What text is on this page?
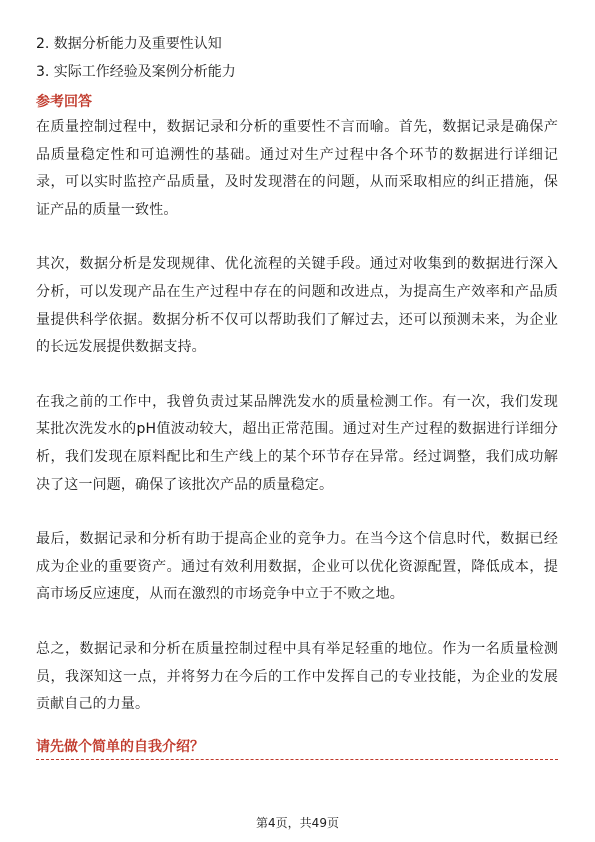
2. 数据分析能力及重要性认知

3. 实际工作经验及案例分析能力

参考回答

在质量控制过程中，数据记录和分析的重要性不言而喻。首先，数据记录是确保产品质量稳定性和可追溯性的基础。通过对生产过程中各个环节的数据进行详细记录，可以实时监控产品质量，及时发现潜在的问题，从而采取相应的纠正措施，保证产品的质量一致性。

其次，数据分析是发现规律、优化流程的关键手段。通过对收集到的数据进行深入分析，可以发现产品在生产过程中存在的问题和改进点，为提高生产效率和产品质量提供科学依据。数据分析不仅可以帮助我们了解过去，还可以预测未来，为企业的长远发展提供数据支持。

在我之前的工作中，我曾负责过某品牌洗发水的质量检测工作。有一次，我们发现某批次洗发水的pH值波动较大，超出正常范围。通过对生产过程的数据进行详细分析，我们发现在原料配比和生产线上的某个环节存在异常。经过调整，我们成功解决了这一问题，确保了该批次产品的质量稳定。

最后，数据记录和分析有助于提高企业的竞争力。在当今这个信息时代，数据已经成为企业的重要资产。通过有效利用数据，企业可以优化资源配置，降低成本，提高市场反应速度，从而在激烈的市场竞争中立于不败之地。

总之，数据记录和分析在质量控制过程中具有举足轻重的地位。作为一名质量检测员，我深知这一点，并将努力在今后的工作中发挥自己的专业技能，为企业的发展贡献自己的力量。

请先做个简单的自我介绍？

第4页，共49页
